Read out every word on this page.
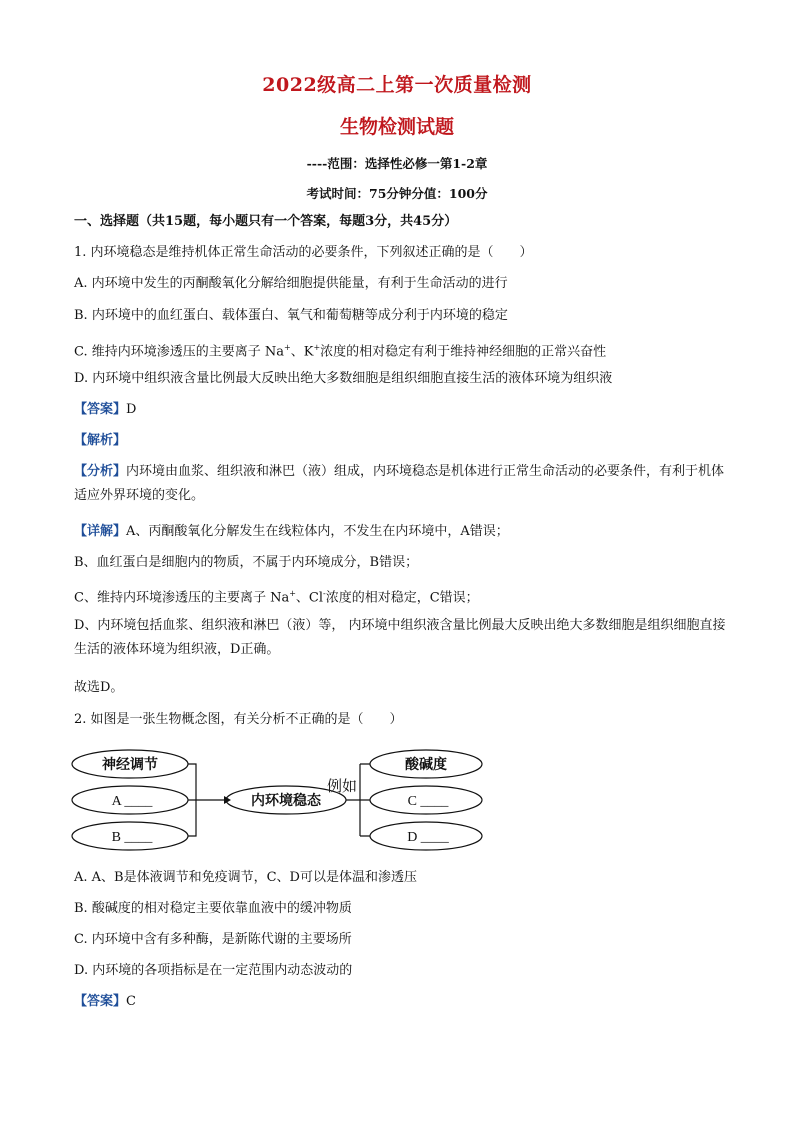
2022级高二上第一次质量检测
生物检测试题
----范围：选择性必修一第1-2章
考试时间：75分钟分值：100分
一、选择题（共15题，每小题只有一个答案，每题3分，共45分）
1. 内环境稳态是维持机体正常生命活动的必要条件，下列叙述正确的是（　　）
A. 内环境中发生的丙酮酸氧化分解给细胞提供能量，有利于生命活动的进行
B. 内环境中的血红蛋白、载体蛋白、氧气和葡萄糖等成分利于内环境的稳定
C. 维持内环境渗透压的主要离子 Na+、K+浓度的相对稳定有利于维持神经细胞的正常兴奋性
D. 内环境中组织液含量比例最大反映出绝大多数细胞是组织细胞直接生活的液体环境为组织液
【答案】D
【解析】
【分析】内环境由血浆、组织液和淋巴（液）组成，内环境稳态是机体进行正常生命活动的必要条件，有利于机体适应外界环境的变化。
【详解】A、丙酮酸氧化分解发生在线粒体内，不发生在内环境中，A错误；
B、血红蛋白是细胞内的物质，不属于内环境成分，B错误；
C、维持内环境渗透压的主要离子 Na+、Cl-浓度的相对稳定，C错误；
D、内环境包括血浆、组织液和淋巴（液）等， 内环境中组织液含量比例最大反映出绝大多数细胞是组织细胞直接生活的液体环境为组织液，D正确。
故选D。
2. 如图是一张生物概念图，有关分析不正确的是（　　）
神经调节
A ____
B ____
内环境稳态
例如
酸碱度
C ____
D ____
A. A、B是体液调节和免疫调节，C、D可以是体温和渗透压
B. 酸碱度的相对稳定主要依靠血液中的缓冲物质
C. 内环境中含有多种酶，是新陈代谢的主要场所
D. 内环境的各项指标是在一定范围内动态波动的
【答案】C
